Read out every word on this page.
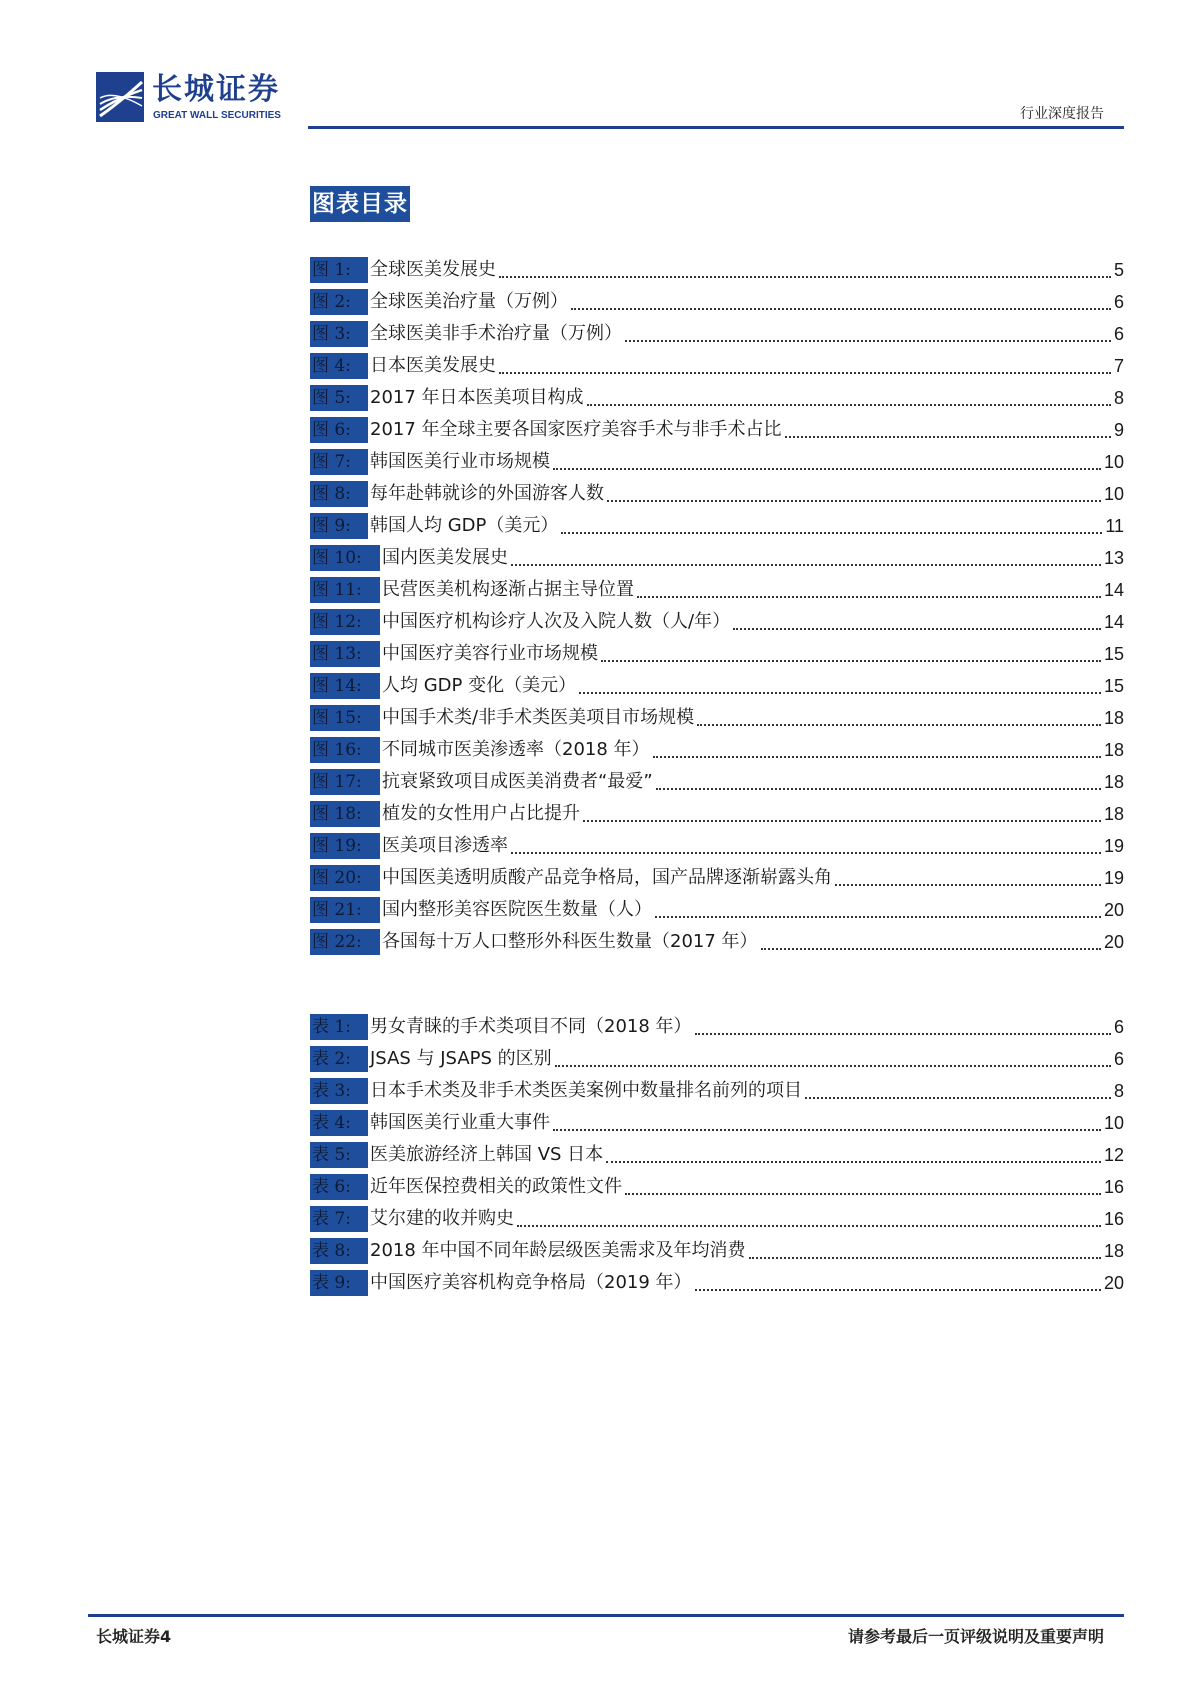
长城证券
GREAT WALL SECURITIES	行业深度报告
图表目录
图 1:	全球医美发展史	5
图 2:	全球医美治疗量（万例）	6
图 3:	全球医美非手术治疗量（万例）	6
图 4:	日本医美发展史	7
图 5:	2017 年日本医美项目构成	8
图 6:	2017 年全球主要各国家医疗美容手术与非手术占比	9
图 7:	韩国医美行业市场规模	10
图 8:	每年赴韩就诊的外国游客人数	10
图 9:	韩国人均 GDP（美元）	11
图 10:	国内医美发展史	13
图 11:	民营医美机构逐渐占据主导位置	14
图 12:	中国医疗机构诊疗人次及入院人数（人/年）	14
图 13:	中国医疗美容行业市场规模	15
图 14:	人均 GDP 变化（美元）	15
图 15:	中国手术类/非手术类医美项目市场规模	18
图 16:	不同城市医美渗透率（2018 年）	18
图 17:	抗衰紧致项目成医美消费者“最爱”	18
图 18:	植发的女性用户占比提升	18
图 19:	医美项目渗透率	19
图 20:	中国医美透明质酸产品竞争格局，国产品牌逐渐崭露头角	19
图 21:	国内整形美容医院医生数量（人）	20
图 22:	各国每十万人口整形外科医生数量（2017 年）	20
表 1:	男女青睐的手术类项目不同（2018 年）	6
表 2:	JSAS 与 JSAPS 的区别	6
表 3:	日本手术类及非手术类医美案例中数量排名前列的项目	8
表 4:	韩国医美行业重大事件	10
表 5:	医美旅游经济上韩国 VS 日本	12
表 6:	近年医保控费相关的政策性文件	16
表 7:	艾尔建的收并购史	16
表 8:	2018 年中国不同年龄层级医美需求及年均消费	18
表 9:	中国医疗美容机构竞争格局（2019 年）	20
长城证券4	请参考最后一页评级说明及重要声明
